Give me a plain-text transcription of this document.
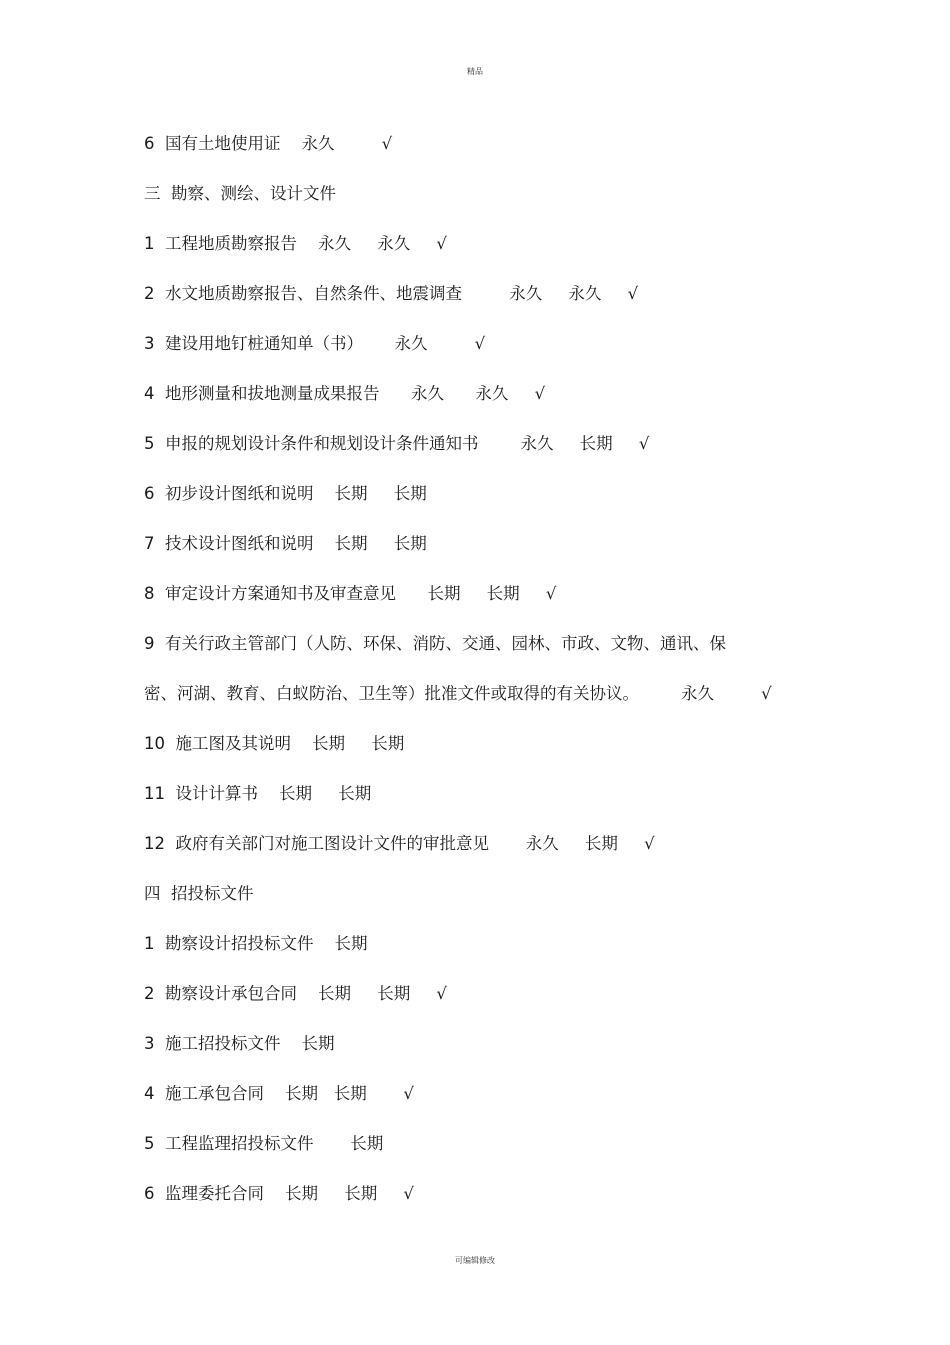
精品
6  国有土地使用证    永久         √
三  勘察、测绘、设计文件
1  工程地质勘察报告    永久     永久     √
2  水文地质勘察报告、自然条件、地震调查         永久     永久     √
3  建设用地钉桩通知单（书）      永久         √
4  地形测量和拔地测量成果报告      永久      永久     √
5  申报的规划设计条件和规划设计条件通知书        永久     长期     √
6  初步设计图纸和说明    长期     长期
7  技术设计图纸和说明    长期     长期
8  审定设计方案通知书及审查意见      长期     长期     √
9  有关行政主管部门（人防、环保、消防、交通、园林、市政、文物、通讯、保
密、河湖、教育、白蚁防治、卫生等）批准文件或取得的有关协议。        永久         √
10  施工图及其说明    长期     长期
11  设计计算书    长期     长期
12  政府有关部门对施工图设计文件的审批意见       永久     长期     √
四  招投标文件
1  勘察设计招投标文件    长期
2  勘察设计承包合同    长期     长期     √
3  施工招投标文件    长期
4  施工承包合同    长期   长期       √
5  工程监理招投标文件       长期
6  监理委托合同    长期     长期     √
可编辑修改
